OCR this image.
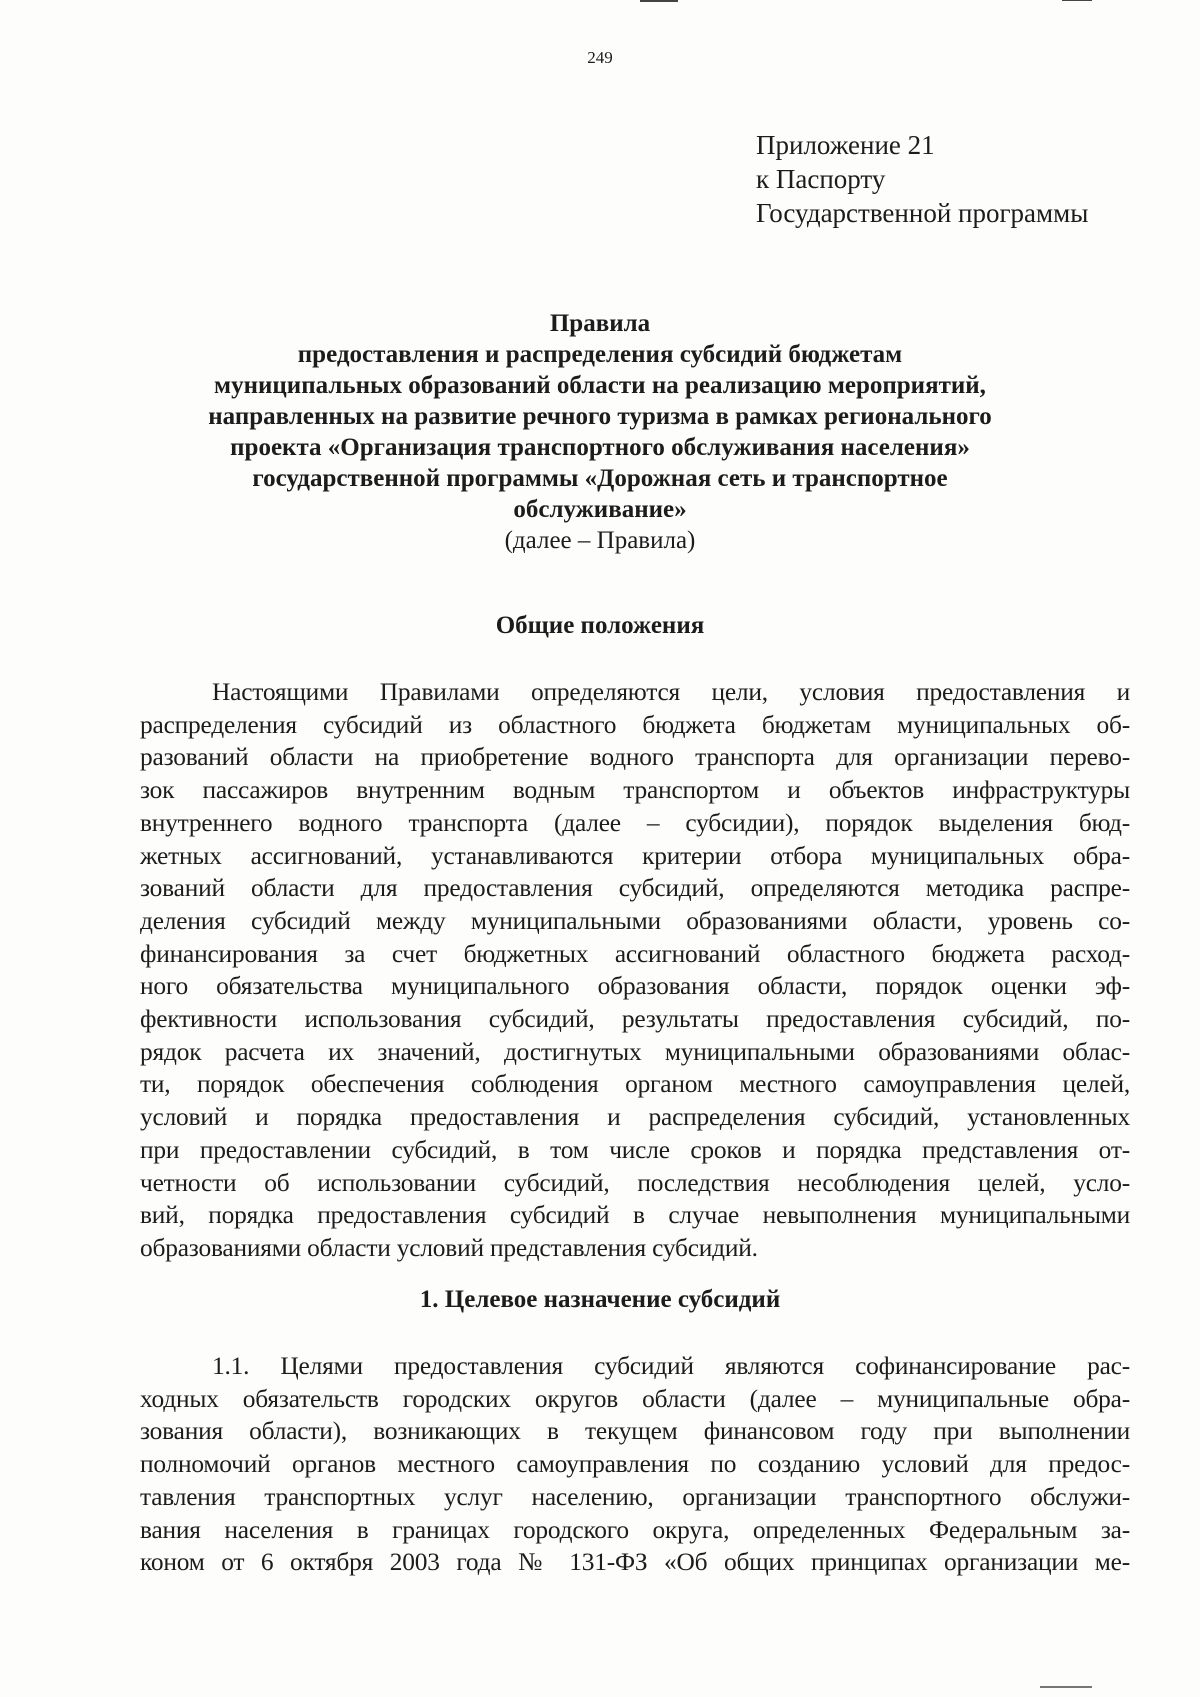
249
Приложение 21
к Паспорту
Государственной программы
Правила
предоставления и распределения субсидий бюджетам
муниципальных образований области на реализацию мероприятий,
направленных на развитие речного туризма в рамках регионального
проекта «Организация транспортного обслуживания населения»
государственной программы «Дорожная сеть и транспортное
обслуживание»
(далее – Правила)
Общие положения
Настоящими Правилами определяются цели, условия предоставления и
распределения субсидий из областного бюджета бюджетам муниципальных об-
разований области на приобретение водного транспорта для организации перево-
зок пассажиров внутренним водным транспортом и объектов инфраструктуры
внутреннего водного транспорта (далее – субсидии), порядок выделения бюд-
жетных ассигнований, устанавливаются критерии отбора муниципальных обра-
зований области для предоставления субсидий, определяются методика распре-
деления субсидий между муниципальными образованиями области, уровень со-
финансирования за счет бюджетных ассигнований областного бюджета расход-
ного обязательства муниципального образования области, порядок оценки эф-
фективности использования субсидий, результаты предоставления субсидий, по-
рядок расчета их значений, достигнутых муниципальными образованиями облас-
ти, порядок обеспечения соблюдения органом местного самоуправления целей,
условий и порядка предоставления и распределения субсидий, установленных
при предоставлении субсидий, в том числе сроков и порядка представления от-
четности об использовании субсидий, последствия несоблюдения целей, усло-
вий, порядка предоставления субсидий в случае невыполнения муниципальными
образованиями области условий представления субсидий.
1. Целевое назначение субсидий
1.1. Целями предоставления субсидий являются софинансирование рас-
ходных обязательств городских округов области (далее – муниципальные обра-
зования области), возникающих в текущем финансовом году при выполнении
полномочий органов местного самоуправления по созданию условий для предос-
тавления транспортных услуг населению, организации транспортного обслужи-
вания населения в границах городского округа, определенных Федеральным за-
коном от 6 октября 2003 года № 131-ФЗ «Об общих принципах организации ме-
